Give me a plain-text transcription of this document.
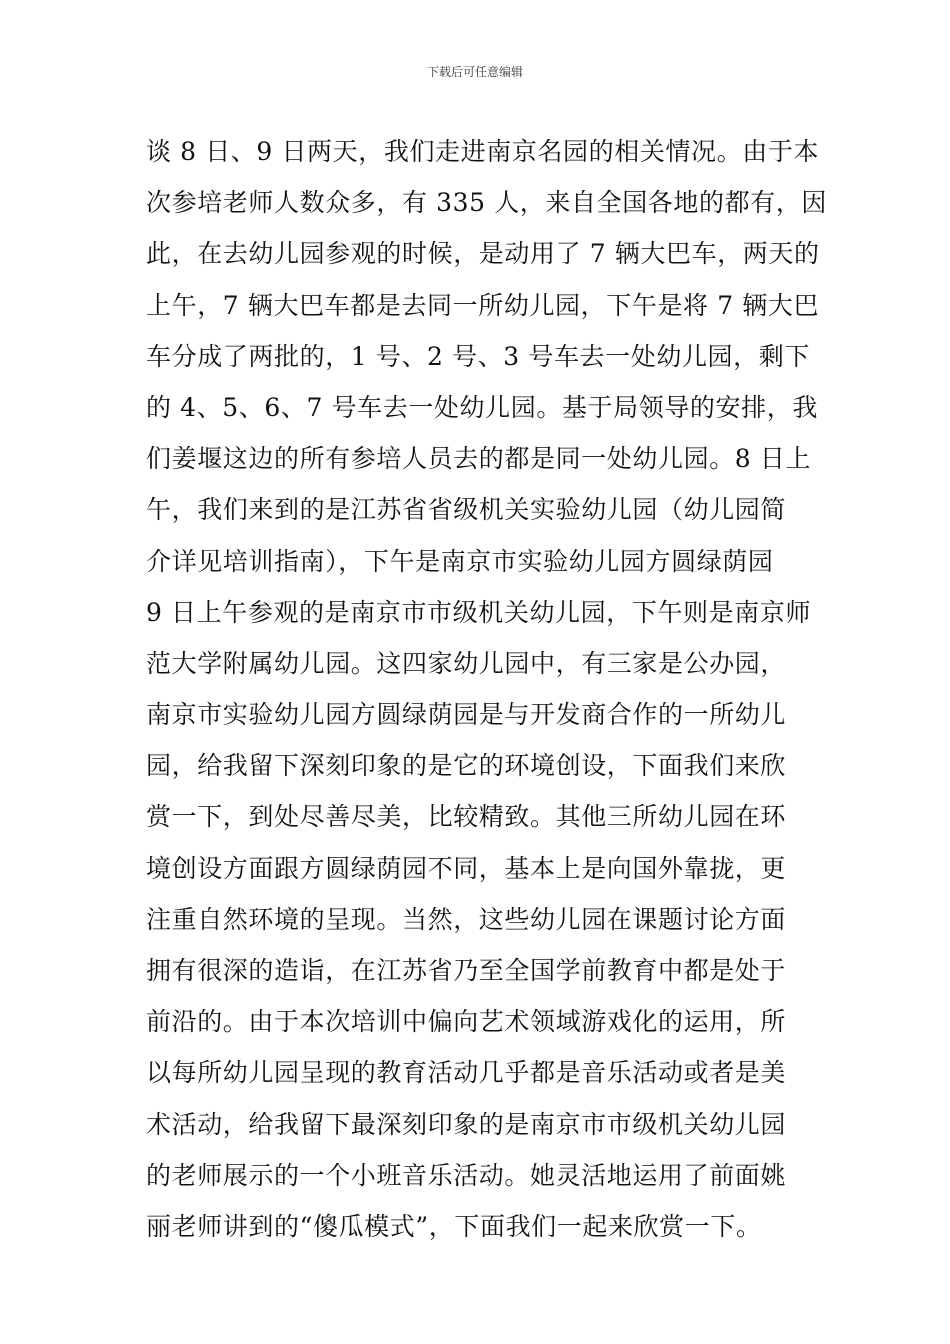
下载后可任意编辑
谈 8 日、9 日两天，我们走进南京名园的相关情况。由于本
次参培老师人数众多，有 335 人，来自全国各地的都有，因
此，在去幼儿园参观的时候，是动用了 7 辆大巴车，两天的
上午，7 辆大巴车都是去同一所幼儿园，下午是将 7 辆大巴
车分成了两批的，1 号、2 号、3 号车去一处幼儿园，剩下
的 4、5、6、7 号车去一处幼儿园。基于局领导的安排，我
们姜堰这边的所有参培人员去的都是同一处幼儿园。8 日上
午，我们来到的是江苏省省级机关实验幼儿园（幼儿园简
介详见培训指南），下午是南京市实验幼儿园方圆绿荫园
9 日上午参观的是南京市市级机关幼儿园，下午则是南京师
范大学附属幼儿园。这四家幼儿园中，有三家是公办园，
南京市实验幼儿园方圆绿荫园是与开发商合作的一所幼儿
园，给我留下深刻印象的是它的环境创设，下面我们来欣
赏一下，到处尽善尽美，比较精致。其他三所幼儿园在环
境创设方面跟方圆绿荫园不同，基本上是向国外靠拢，更
注重自然环境的呈现。当然，这些幼儿园在课题讨论方面
拥有很深的造诣，在江苏省乃至全国学前教育中都是处于
前沿的。由于本次培训中偏向艺术领域游戏化的运用，所
以每所幼儿园呈现的教育活动几乎都是音乐活动或者是美
术活动，给我留下最深刻印象的是南京市市级机关幼儿园
的老师展示的一个小班音乐活动。她灵活地运用了前面姚
丽老师讲到的“傻瓜模式”，下面我们一起来欣赏一下。
